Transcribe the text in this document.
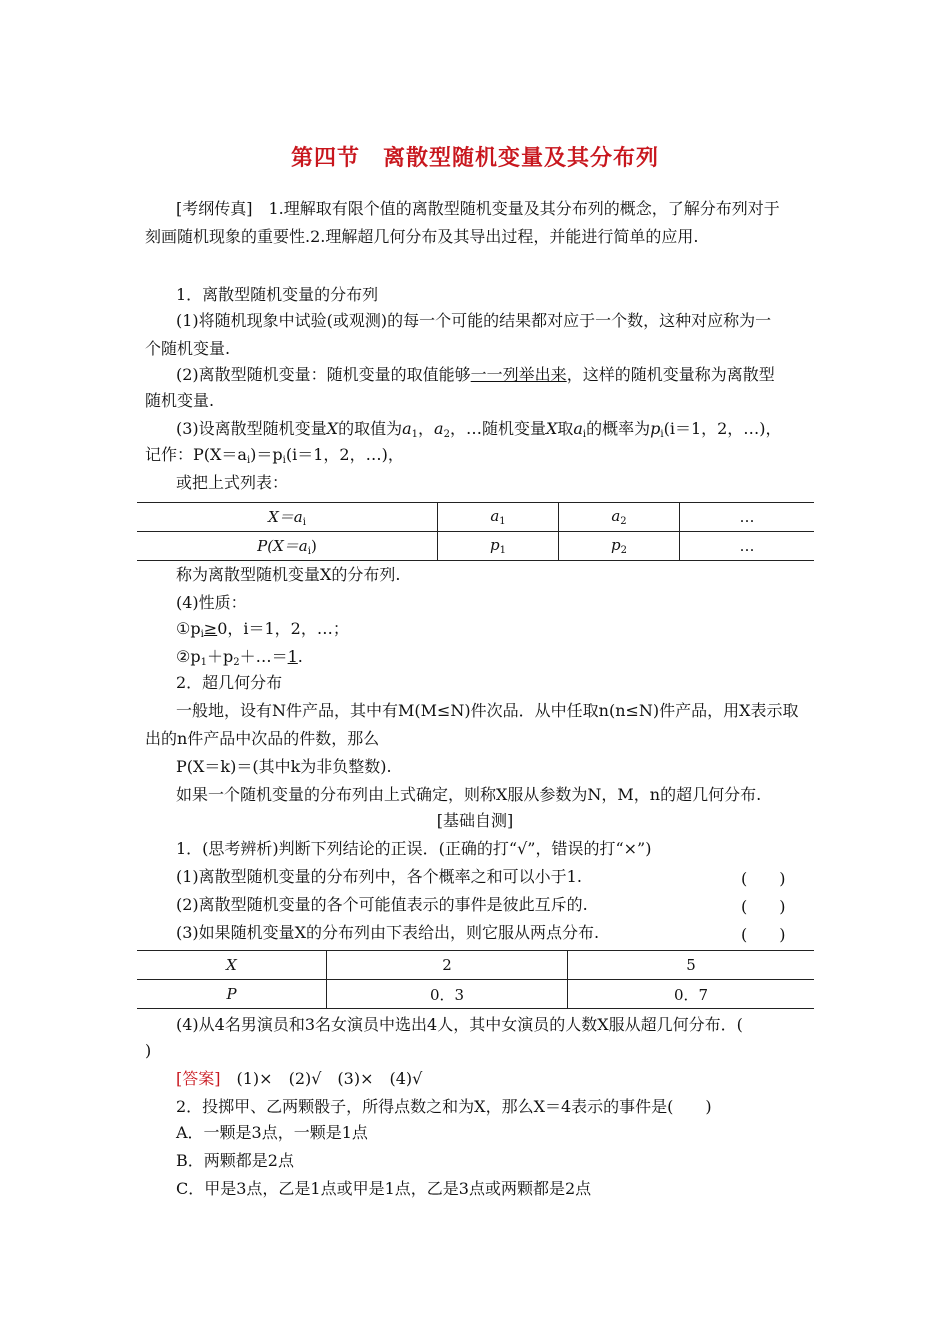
第四节　离散型随机变量及其分布列
[考纲传真]　1.理解取有限个值的离散型随机变量及其分布列的概念，了解分布列对于
刻画随机现象的重要性.2.理解超几何分布及其导出过程，并能进行简单的应用.
1．离散型随机变量的分布列
(1)将随机现象中试验(或观测)的每一个可能的结果都对应于一个数，这种对应称为一
个随机变量.
(2)离散型随机变量：随机变量的取值能够一一列举出来，这样的随机变量称为离散型
随机变量.
(3)设离散型随机变量X的取值为$a_1$，$a_2$，…随机变量X取$a_i$的概率为$p_i(i=1$，2，…)，
记作：$P(X=a_i)=p_i(i=1$，2，…)，
或把上式列表：
$X=a_i$	$a_1$	$a_2$	…
$P(X=a_i)$	$p_1$	$p_2$	…
称为离散型随机变量X的分布列.
(4)性质：
$①p_i\ge 0$，i＝1，2，…；
$②p_1+p_2+\dots=1$.
2．超几何分布
一般地，设有N件产品，其中有M(M≤N)件次品．从中任取n(n≤N)件产品，用X表示取
出的n件产品中次品的件数，那么
P(X＝k)＝(其中k为非负整数).
如果一个随机变量的分布列由上式确定，则称X服从参数为N，M，n的超几何分布.
[基础自测]
1．(思考辨析)判断下列结论的正误．(正确的打“√”，错误的打“×”)
(1)离散型随机变量的分布列中，各个概率之和可以小于1.	(　　)
(2)离散型随机变量的各个可能值表示的事件是彼此互斥的.	(　　)
(3)如果随机变量X的分布列由下表给出，则它服从两点分布.	(　　)
X	2	5
P	0．3	0．7
(4)从4名男演员和3名女演员中选出4人，其中女演员的人数X服从超几何分布．(
)
[答案]　(1)×　(2)√　(3)×　(4)√
2．投掷甲、乙两颗骰子，所得点数之和为X，那么X＝4表示的事件是(　　)
A．一颗是3点，一颗是1点
B．两颗都是2点
C．甲是3点，乙是1点或甲是1点，乙是3点或两颗都是2点
